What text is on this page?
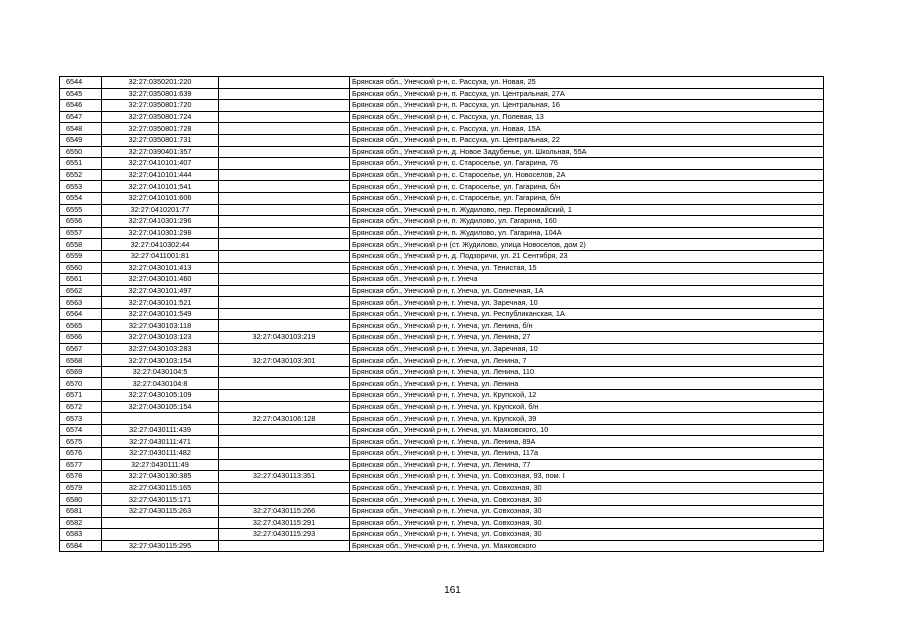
6544	32:27:0350201:220		Брянская обл., Унечский р-н, с. Рассуха, ул. Новая, 25
6545	32:27:0350801:639		Брянская обл., Унечский р-н, п. Рассуха, ул. Центральная, 27А
6546	32:27:0350801:720		Брянская обл., Унечский р-н, п. Рассуха, ул. Центральная, 16
6547	32:27:0350801:724		Брянская обл., Унечский р-н, с. Рассуха, ул. Полевая, 13
6548	32:27:0350801:728		Брянская обл., Унечский р-н, с. Рассуха, ул. Новая, 15А
6549	32:27:0350801:731		Брянская обл., Унечский р-н, п. Рассуха, ул. Центральная, 22
6550	32:27:0390401:357		Брянская обл., Унечский р-н, д. Новое Задубенье, ул. Школьная, 55А
6551	32:27:0410101:407		Брянская обл., Унечский р-н, с. Староселье, ул. Гагарина, 76
6552	32:27:0410101:444		Брянская обл., Унечский р-н, с. Староселье, ул. Новоселов, 2А
6553	32:27:0410101:541		Брянская обл., Унечский р-н, с. Староселье, ул. Гагарина, б/н
6554	32:27:0410101:606		Брянская обл., Унечский р-н, с. Староселье, ул. Гагарина, б/н
6555	32:27:0410201:77		Брянская обл., Унечский р-н, п. Жудилово, пер. Первомайский, 1
6556	32:27:0410301:296		Брянская обл., Унечский р-н, п. Жудилово, ул. Гагарина, 160
6557	32:27:0410301:298		Брянская обл., Унечский р-н, п. Жудилово, ул. Гагарина, 104А
6558	32:27:0410302:44		Брянская обл., Унечский р-н (ст. Жудилово, улица Новоселов, дом 2)
6559	32:27:0411001:81		Брянская обл., Унечский р-н, д. Подзоричи, ул. 21 Сентября, 23
6560	32:27:0430101:413		Брянская обл., Унечский р-н, г. Унеча, ул. Тенистая, 15
6561	32:27:0430101:460		Брянская обл., Унечский р-н, г. Унеча
6562	32:27:0430101:497		Брянская обл., Унечский р-н, г. Унеча, ул. Солнечная, 1А
6563	32:27:0430101:521		Брянская обл., Унечский р-н, г. Унеча, ул. Заречная, 10
6564	32:27:0430101:549		Брянская обл., Унечский р-н, г. Унеча, ул. Республиканская, 1А
6565	32:27:0430103:118		Брянская обл., Унечский р-н, г. Унеча, ул. Ленина, б/н
6566	32:27:0430103:123	32:27:0430103:219	Брянская обл., Унечский р-н, г. Унеча, ул. Ленина, 27
6567	32:27:0430103:283		Брянская обл., Унечский р-н, г. Унеча, ул. Заречная, 10
6568	32:27:0430103:154	32:27:0430103:301	Брянская обл., Унечский р-н, г. Унеча, ул. Ленина, 7
6569	32:27:0430104:5		Брянская обл., Унечский р-н, г. Унеча, ул. Ленина, 110
6570	32:27:0430104:8		Брянская обл., Унечский р-н, г. Унеча, ул. Ленина
6571	32:27:0430105:109		Брянская обл., Унечский р-н, г. Унеча, ул. Крупской, 12
6572	32:27:0430105:154		Брянская обл., Унечский р-н, г. Унеча, ул. Крупской, б/н
6573		32:27:0430106:128	Брянская обл., Унечский р-н, г. Унеча, ул. Крупской, 39
6574	32:27:0430111:439		Брянская обл., Унечский р-н, г. Унеча, ул. Маяковского, 10
6575	32:27:0430111:471		Брянская обл., Унечский р-н, г. Унеча, ул. Ленина, 89А
6576	32:27:0430111:482		Брянская обл., Унечский р-н, г. Унеча, ул. Ленина, 117а
6577	32:27:0430111:49		Брянская обл., Унечский р-н, г. Унеча, ул. Ленина, 77
6578	32:27:0430130:385	32:27:0430113:351	Брянская обл., Унечский р-н, г. Унеча, ул. Совхозная, 93, пом. I
6579	32:27:0430115:165		Брянская обл., Унечский р-н, г. Унеча, ул. Совхозная, 30
6580	32:27:0430115:171		Брянская обл., Унечский р-н, г. Унеча, ул. Совхозная, 30
6581	32:27:0430115:263	32:27:0430115:266	Брянская обл., Унечский р-н, г. Унеча, ул. Совхозная, 30
6582		32:27:0430115:291	Брянская обл., Унечский р-н, г. Унеча, ул. Совхозная, 30
6583		32:27:0430115:293	Брянская обл., Унечский р-н, г. Унеча, ул. Совхозная, 30
6584	32:27:0430115:295		Брянская обл., Унечский р-н, г. Унеча, ул. Маяковского
161
